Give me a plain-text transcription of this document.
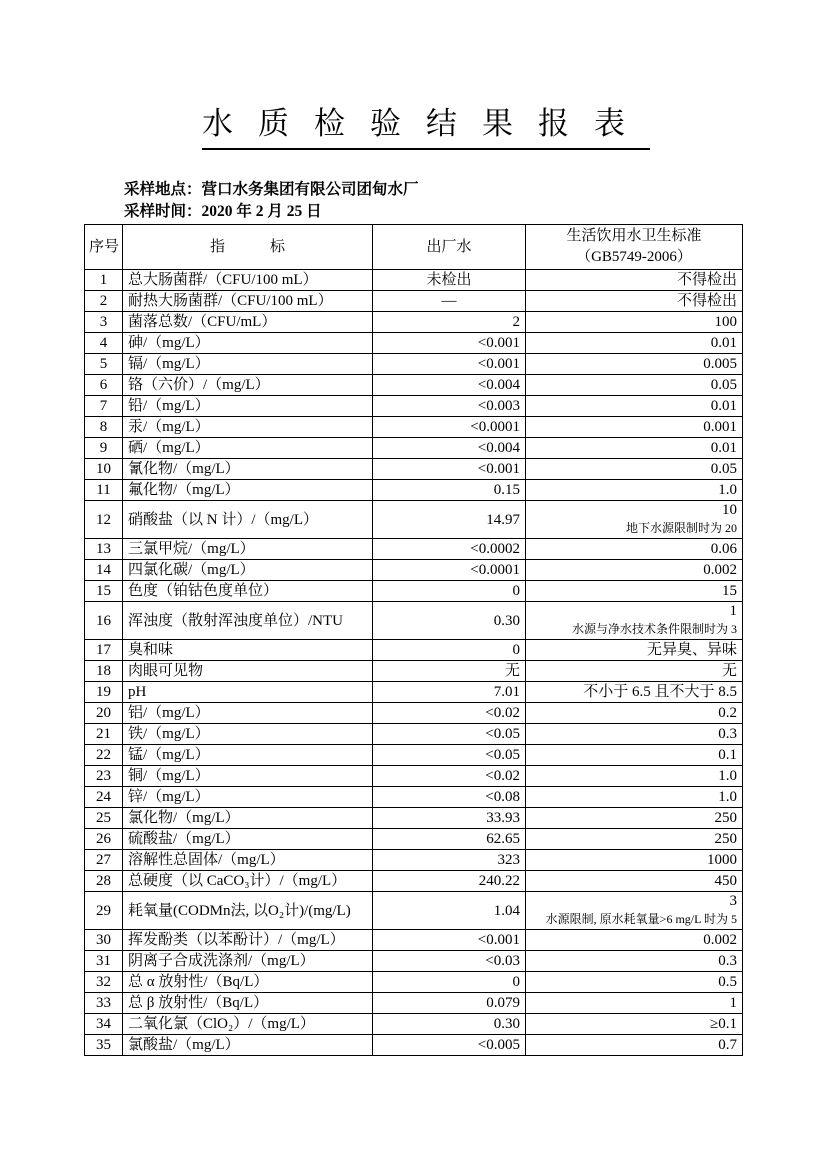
水质检验结果报表
采样地点：营口水务集团有限公司团甸水厂
采样时间：2020 年 2 月 25 日
序号	指　　　标	出厂水	生活饮用水卫生标准
（GB5749-2006）

1	总大肠菌群/（CFU/100 mL）	未检出	不得检出
2	耐热大肠菌群/（CFU/100 mL）	—	不得检出
3	菌落总数/（CFU/mL）	2	100
4	砷/（mg/L）	<0.001	0.01
5	镉/（mg/L）	<0.001	0.005
6	铬（六价）/（mg/L）	<0.004	0.05
7	铅/（mg/L）	<0.003	0.01
8	汞/（mg/L）	<0.0001	0.001
9	硒/（mg/L）	<0.004	0.01
10	氰化物/（mg/L）	<0.001	0.05
11	氟化物/（mg/L）	0.15	1.0
12	硝酸盐（以 N 计）/（mg/L）	14.97	10
地下水源限制时为 20

13	三氯甲烷/（mg/L）	<0.0002	0.06
14	四氯化碳/（mg/L）	<0.0001	0.002
15	色度（铂钴色度单位）	0	15
16	浑浊度（散射浑浊度单位）/NTU	0.30	1
水源与净水技术条件限制时为 3

17	臭和味	0	无异臭、异味
18	肉眼可见物	无	无
19	pH	7.01	不小于 6.5 且不大于 8.5
20	铝/（mg/L）	<0.02	0.2
21	铁/（mg/L）	<0.05	0.3
22	锰/（mg/L）	<0.05	0.1
23	铜/（mg/L）	<0.02	1.0
24	锌/（mg/L）	<0.08	1.0
25	氯化物/（mg/L）	33.93	250
26	硫酸盐/（mg/L）	62.65	250
27	溶解性总固体/（mg/L）	323	1000
28	总硬度（以 CaCO₃计）/（mg/L）	240.22	450
29	耗氧量(CODMn法, 以O₂计)/(mg/L)	1.04	3
水源限制, 原水耗氧量>6 mg/L 时为 5

30	挥发酚类（以苯酚计）/（mg/L）	<0.001	0.002
31	阴离子合成洗涤剂/（mg/L）	<0.03	0.3
32	总 α 放射性/（Bq/L）	0	0.5
33	总 β 放射性/（Bq/L）	0.079	1
34	二氧化氯（ClO₂）/（mg/L）	0.30	≥0.1
35	氯酸盐/（mg/L）	<0.005	0.7
